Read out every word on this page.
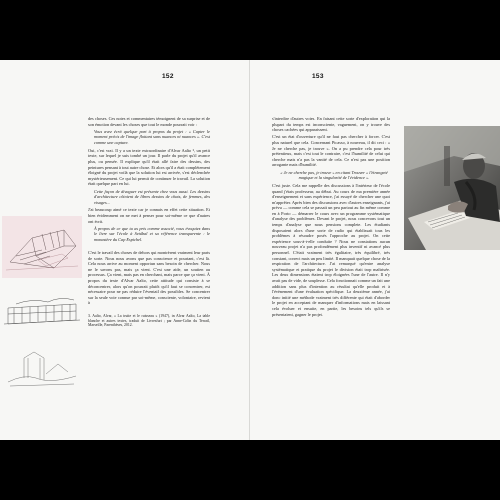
152

des choses. Ces notes et commentaires témoignent de sa surprise et de son émotion devant les choses que tout le monde pourrait voir :

Vous avez écrit quelque part à propos du projet : « Capter le moment précis de l'image flottant sans nuances ni nuances ». C'est comme une capture.

Oui, c'est vrai. Il y a un texte extraordinaire d'Alvar Aalto ³, un petit texte, sur lequel je suis tombé un jour. Il parle du projet qu'il avance plus, ou pensée. Il explique qu'il était allé faire des dessins, des peintures pensant à tout autre chose. Et alors qu'il a était complètement éloigné du projet voilà que la solution lui est arrivée, s'est déclenchée mystérieusement. Ce qui lui permit de continuer le travail. La solution était quelque part en lui.

Cette façon de divaguer est présente chez vous aussi. Les dessins d'architecture côtoient de libres dessins de chats, de femmes, des visages...

J'ai beaucoup aimé ce texte car je connais en effet cette situation. Et bien évidemment on ne met à penser pour soi-même ce que d'autres ont écrit.

À propos de ce que tu as pris comme associé, vous évoquiez dans le livre sur l'école à Setúbal et sa référence transparente : le monastère du Cap Espichel.

C'est le travail des choses de dehors qui montrèrent vraiment leur parts de sorte. Nous nous avons que pas conscience et pourtant, c'est là. Cela nous arrive au moment opportun sans besoin de chercher. Nous ne le savons pas, mais ça vient. C'est une aide, un soutien au processus. Ça vient, mais pas en cherchant, mais parce que ça vient. À propos du texte d'Alvar Aalto, cette attitude qui consiste à se déconcentrer, alors qu'on pourrait plutôt qu'il faut se concentrer, est nécessaire pour ne pas réduire l'éventail des possibles. Se concentrer sur la seule voie connue par soi-même, consciente, volontaire, revient à

3. Aalto, Alvar, « La truite et le ruisseau » (1947), in Alvar Aalto, La table blanche et autres textes, traduit de Livresfurt ; par Anne-Colin du Terrail, Marseille, Parenthèses, 2012.

153

s'interdire d'autres voies. En faisant cette sorte d'exploration qui la plupart du temps est inconsciente, vaguement, on y trouve des choses cachées qui apparaissent.

C'est un état d'ouverture qu'il ne faut pas chercher à forcer. C'est plus naturel que cela. Concernant Picasso, à nouveau, il dit ceci : « Je ne cherche pas, je trouve ». On a pu prendre cela pour très prétentieux, mais c'est tout le contraire, c'est l'humilité de celui qui cherche mais n'a pas la vanité de cela. Ce n'est pas une position arrogante mais d'humilité.

« Je ne cherche pas, je trouve » en citant Trouver « l'étrangeté magique et la singularité de l'évidence ».

C'est juste. Cela me rappelle des discussions à l'intérieur de l'école quand j'étais professeur, au début. Au cours de ma première année d'enseignement et sans expérience, j'ai essayé de chercher une quoi m'apprêter. Après bien des discussions avec d'autres enseignants, j'ai prévu — comme cela se passait un peu partout au fin même comme en à Porto — démarrer le cours avec un programme systématique d'analyse des problèmes. Devant le projet, nous concevons tout un temps d'analyse que nous pensions complete. Les étudiants disposaient alors d'une sorte de radio qui établissait tous les problèmes à résoudre posés l'approche au projet. On cette expérience sous-à-t-elle conduite ? Nous ne constations aucun nouveau projet n'a pas profondément plus inventif ni avancé plus personnel. C'était vraiment très égalitaire, très équilibré, très constant, correct mais un peu limité. Il manquait quelque chose de la respiration de l'architecture. J'ai remarqué qu'entre analyse systématique et pratique du projet le division était trop maîtrisée. Les deux dimensions étaient trop éloignées l'une de l'autre. Il n'y avait pas de vide, de souplesse. Cela fonctionnait comme un fait une addition sans plus d'intention au résultat qu'elle produit et à l'évènement d'une évaluation spécifique. La deuxième année, j'ai donc initié une méthode vraiment très différente qui était d'aborder le projet en acceptant de manquer d'informations mais en laissant cela évoluer et ensuite, en partie, les besoins tels qu'ils se présentaient, gagner le projet.
